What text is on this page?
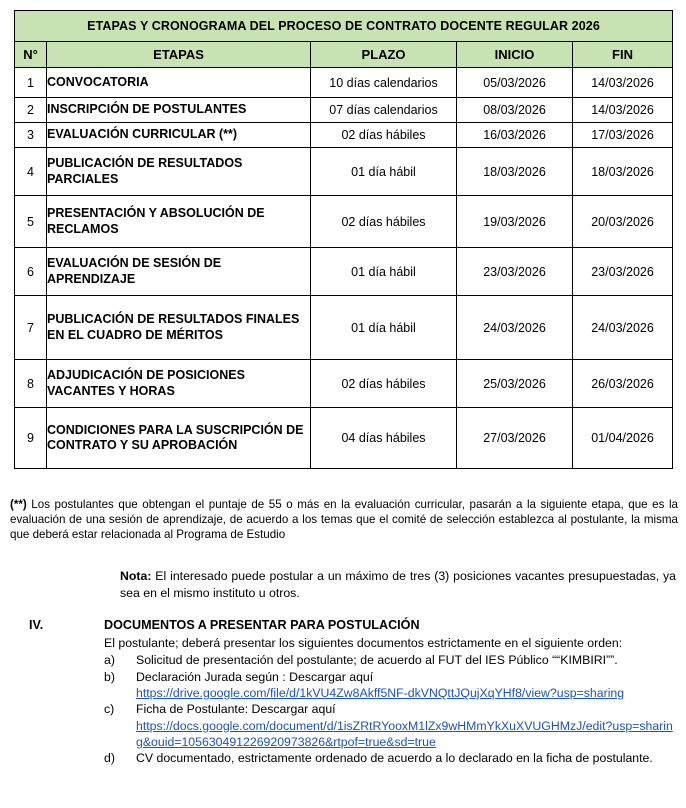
ETAPAS Y CRONOGRAMA DEL PROCESO DE CONTRATO DOCENTE REGULAR 2026				
N°	ETAPAS	PLAZO	INICIO	FIN
1	CONVOCATORIA	10 días calendarios	05/03/2026	14/03/2026
2	INSCRIPCIÓN DE POSTULANTES	07 días calendarios	08/03/2026	14/03/2026
3	EVALUACIÓN CURRICULAR (**)	02 días hábiles	16/03/2026	17/03/2026
4	PUBLICACIÓN DE RESULTADOS PARCIALES	01 día hábil	18/03/2026	18/03/2026
5	PRESENTACIÓN Y ABSOLUCIÓN DE RECLAMOS	02 días hábiles	19/03/2026	20/03/2026
6	EVALUACIÓN DE SESIÓN DE APRENDIZAJE	01 día hábil	23/03/2026	23/03/2026
7	PUBLICACIÓN DE RESULTADOS FINALES EN EL CUADRO DE MÉRITOS	01 día hábil	24/03/2026	24/03/2026
8	ADJUDICACIÓN DE POSICIONES VACANTES Y HORAS	02 días hábiles	25/03/2026	26/03/2026
9	CONDICIONES PARA LA SUSCRIPCIÓN DE CONTRATO Y SU APROBACIÓN	04 días hábiles	27/03/2026	01/04/2026

(**) Los postulantes que obtengan el puntaje de 55 o más en la evaluación curricular, pasarán a la siguiente etapa, que es la evaluación de una sesión de aprendizaje, de acuerdo a los temas que el comité de selección establezca al postulante, la misma que deberá estar relacionada al Programa de Estudio

Nota: El interesado puede postular a un máximo de tres (3) posiciones vacantes presupuestadas, ya sea en el mismo instituto u otros.

IV.	DOCUMENTOS A PRESENTAR PARA POSTULACIÓN

El postulante; deberá presentar los siguientes documentos estrictamente en el siguiente orden:

a) Solicitud de presentación del postulante; de acuerdo al FUT del IES Público ““KIMBIRI””.
b) Declaración Jurada según : Descargar aquí
https://drive.google.com/file/d/1kVU4Zw8Akff5NF-dkVNQttJQujXqYHf8/view?usp=sharing
c) Ficha de Postulante: Descargar aquí
https://docs.google.com/document/d/1isZRtRYooxM1lZx9wHMmYkXuXVUGHMzJ/edit?usp=sharing&ouid=105630491226920973826&rtpof=true&sd=true
d) CV documentado, estrictamente ordenado de acuerdo a lo declarado en la ficha de postulante.
